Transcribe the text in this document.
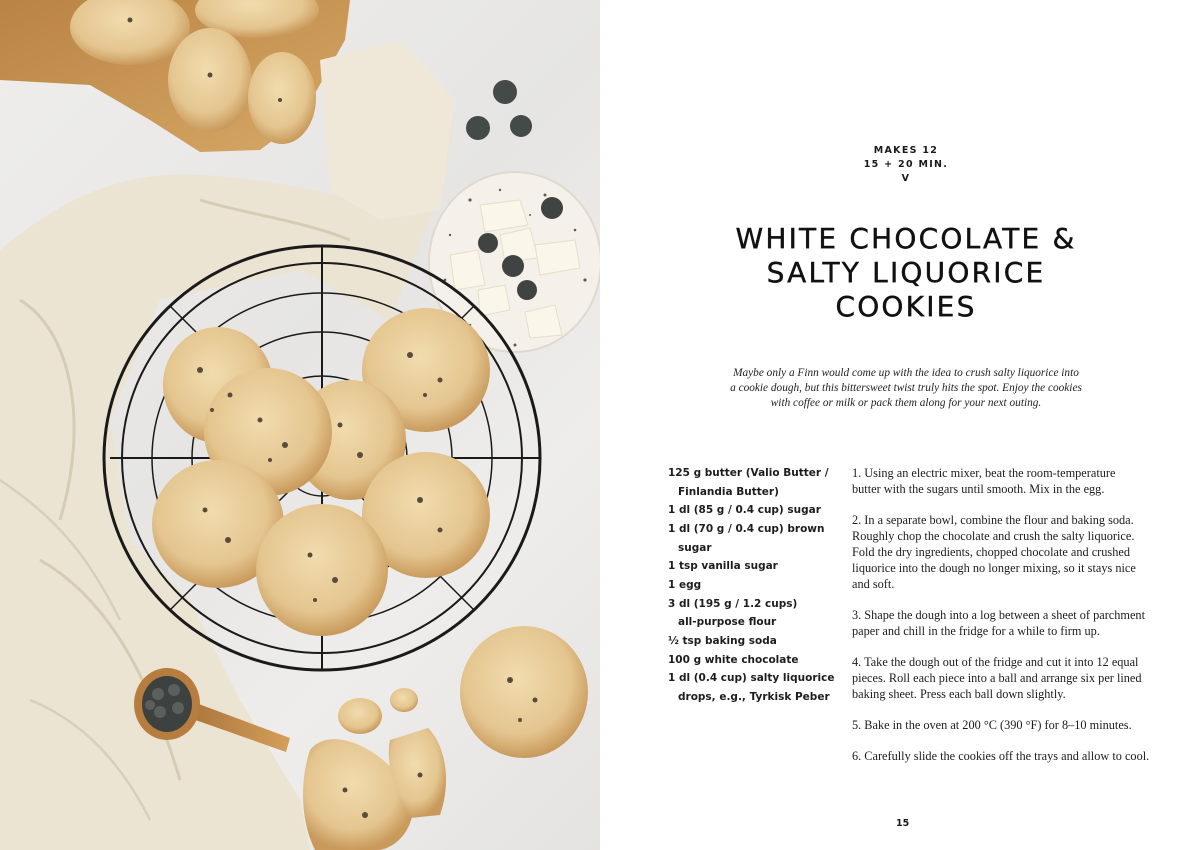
MAKES 12
15 + 20 MIN.
V
WHITE CHOCOLATE &
SALTY LIQUORICE
COOKIES
Maybe only a Finn would come up with the idea to crush salty liquorice into
a cookie dough, but this bittersweet twist truly hits the spot. Enjoy the cookies
with coffee or milk or pack them along for your next outing.
125 g butter (Valio Butter /
Finlandia Butter)
1 dl (85 g / 0.4 cup) sugar
1 dl (70 g / 0.4 cup) brown
sugar
1 tsp vanilla sugar
1 egg
3 dl (195 g / 1.2 cups)
all-purpose flour
½ tsp baking soda
100 g white chocolate
1 dl (0.4 cup) salty liquorice
drops, e.g., Tyrkisk Peber
1. Using an electric mixer, beat the room-temperature
butter with the sugars until smooth. Mix in the egg.
2. In a separate bowl, combine the flour and baking soda.
Roughly chop the chocolate and crush the salty liquorice.
Fold the dry ingredients, chopped chocolate and crushed
liquorice into the dough no longer mixing, so it stays nice
and soft.
3. Shape the dough into a log between a sheet of parchment
paper and chill in the fridge for a while to firm up.
4. Take the dough out of the fridge and cut it into 12 equal
pieces. Roll each piece into a ball and arrange six per lined
baking sheet. Press each ball down slightly.
5. Bake in the oven at 200 °C (390 °F) for 8–10 minutes.
6. Carefully slide the cookies off the trays and allow to cool.
15
